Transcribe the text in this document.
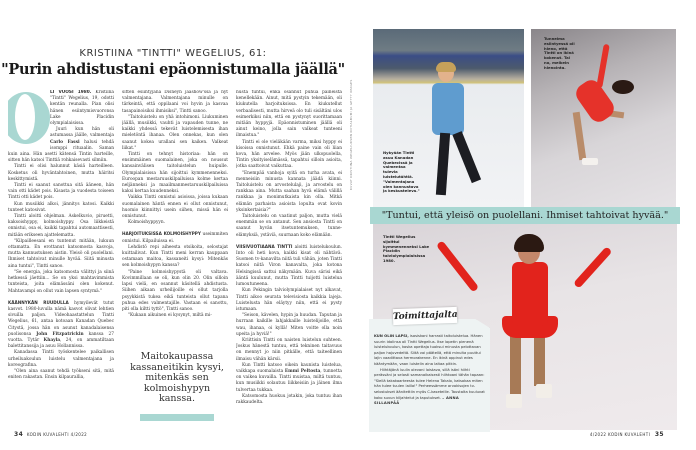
KRISTIINA "TINTTI" WEGELIUS, 61:
"Purin ahdistustani epäonnistumalla jäällä"

LI VUOSI 1980. Kristiina "Tintti" Wegelius, 19, odotti kentän reunalla. Pian olisi hänen esiintymisvuoronsa Lake Placidin olympialaisissa.

Juuri kun hän oli astumassa jäälle, valmentaja Carlo Fassi halusi tehdä isomppi rituaalin. Saman kuin aina. Hän asetti kätensä Tintin harteille, sitten hän katsoi Tinttiä rohkaisevasti silmiin.

Tintti ei olisi halunnut käsiä harteilleen. Kosketus oli hyväntahtoinen, mutta häiritsi keskittymistä.

Tintti ei saanut sanottua sitä ääneen, hän vain otti kädet pois. Kisasta ja vuodesta toiseen Tintti otti kädet pois.

Kun musiikki alkoi, jännitys katosi. Kaikki tunteet katosivat.

Tintti aloitti ohjelman. Askelkuvio, piruetti, kaksoishyppy, kolmoishyppy. Osa liikkeistä onnistui, osa ei, kaikki tapahtui automaattisesti, mitään erikseen ajattelematta.

"Kilpailleesani en tuntenut mitään, lukuun ottamatta. En erottanut katsomosta kasvoja, mutta kannustuksen aistin. Yleisö oli puolellani. Ihmiset tahtoivat minulle hyvää. Siitä minusta aina tuntui", Tintti sanoo.

"Se energia, joka katsomosta välittyi ja siinä hetkessä jäettiin... Se on yksi mahtavimmista tunteista, joita elämässäni olen kokenut. Mahtavampi on ollut vain lapsen syntymä."

KÄÄNNYKÄN RUUDULLA hymyilevät tutut kasvot. 1980-luvulla nämä kasvot olivat lehtien sivuilla paljon. Videohaastattelun Tintti Wegelius, 61, antaa kotoaan Kanadan Quebec Citystä, jossa hän on asunut kanadalaisensa puolisonsa John Fitzpatrickin kanssa 27 vuotta. Tytär Khayla, 24, on ammatiltaan balettitanssija ja asuu Hollannissa.

Kanadassa Tintti työskentelee paikallisen urheiluakoulun luistelu valmentajana ja koreografina.

"Olen aina saanut tehdä työkseni sitä, mitä eniten rakastan. Ensin kilpaurallia,

sitten esiintyjänä Disneyn jääshow'ssa ja nyt valmentajana. Valmentajana minulle on tärkeintä, että oppilaani voi hyvin ja kasvaa tasapainoisiksi ihmisiksi", Tintti sanoo.

"Taitoluistelu on yhä intohimoni. Liukuminen jäällä, musiikki, vauhti ja vapauden tunne, ne kaikki yhdessä tekevät luistelemisesta ihan mieletöntä ihanaa. Olen onnekas, kun olen saanut kokea urallani sen kaiken. Valkeat liikat."

Tintti on tehnyt historiaa: hän on ensimmäinen suomalainen, joka on noussut kansainvälisen taitoluistelun huipulle. Olympialaisissa hän sijoittui kymmenenneksi. Euroopan mestaruuskilpailuissa kolme kertaa neljänneksi ja maailmanmestaruuskilpailuissa kaksi kertaa kuudenneksi.

Vaikka Tintti onnistui asioissa, joissa kukaan suomalainen häntä ennen ei ollut onnistunut, huomio kiinnittyi usein siihen, missä hän ei onnistunut.

Kolmoishyppyyn.

HARJOITUKSISSA KOLMOISHYPPY useimmiten onnistui. Kilpailuissa ei.

Lehdistö repi aiheesta otsikoita, selostajat kuittailivat. Kun Tintti meni kerran kauppaan ostamaan maitoa, kassaneiti kysyi: Mitenkäs sen kolmoishypyn kanssa?

"Paine kolmoishypystä oli valtava. Kovimmillaan se oli, kun olin 20. Olin silloin lapsi vielä, en osannut käsitellä ahdistusta. Siihen aikaan urheilijoille ei ollut tarjolla psyykkistä tukea eikä tunteista ollut tapana puhua edes valmentajille. Vastaan ei sanottu, piti olla kiltti tyttö", Tintti sanoo.

"Kukaan aikuinen ei kysynyt, miltä mi-

Maitokaupassa kassaneitikin kysyi, mitenkäs sen kolmoishypyn kanssa.

nusta tuntui, enkä osannut puhua paineista kenellekään. Ainut, mitä pystyin tekemään, oli kiukutella harjoituksissa. En kiukutellut verbaalisesti, mutta hirveä olo tuli sisältäni ulos esimerkiksi niin, että en pystynyt suorittamaan mitään hyppyjä. Epäonnistuminen jäällä oli ainut keino, jolla sain valkeat tunteeni ilmaistua."

Tintti ei ole vieläkään varma, miksi hyppy ei kisoissa onnistunut. Ehkä paine vain oli liian kova, hän arvelee. Myös jään ulkopuolella, Tintin yksityiselämässä, tapahtui silloin asioita, jotka saattoivat vaikuttaa.

"Enempää vanhoja syitä on turha avata, ei menneisiin minusta kannata jäädä kiinni. Taitoluistelu on arvostelulaji, ja arvostelu on rankkaa aina. Mutta saahan hyvä elämä välillä rankkaa ja monimutkaista kin olla. Mitkä elämän parhaista asioista lopulta ovat kovin yksinkertaisia?"

Taitoluistelu on vaatinut paljon, mutta vielä enemmän se on antanut. Sen ansiosta Tintti on saanut hyvän itsetuntemuksen, tunne-elämyksiä, ystäviä, suurnaan koko elämään.

VIISIVUOTIAANA TINTTI aloitti luistelukoulun. Into oli heti kova, kaikki kisat oli nähtävä. Suomen tv-kanavilta niitä tuli vähän, joten Tintti katsoi niitä Viron kanavalta, joka kotona Helsingissä sattui näkymään. Kuva särisi eikä ääntä kuulunut, mutta Tintti tuijotti luistelua lumoutuneena.

Kun Pekingin talviolympialaiset nyt alkavat, Tintti aikoo seurata televisiosta kaikkia lajeja. Luistelusta hän eläytyy niin, että ei pysty istumaan.

"Seison, kävelen, hypin ja huudan. Taputan ja hurraan kaikille lahjakkaille luistelijoille, että wau, ihanaa, oi kyllä! Miten voitte olla noin upeita ja hyviä!"

Kriittisin Tintti on naisten luistelun suhteen. Joskus hänestä tuntuu, että tekninen taitavuus on mennyt jo niin pitkälle, että taiteellinen ilmaisu vähän kärsii.

Kun Tintti katsoo oikein kaunista luistelua, vaikkapa suomalaista Emmi Peltosta, tunnetta on vaikea kuvailla. Tintti muistaa, miltä tuntuu, kun musiikki solautuu liikkeisiin ja jäinen ilma tulvertaa tukkaa.

Katsomosta huokuu jotakin, joka tuntuu ihan rakkaudelta.

34 KODIN KUVALEHTI 4/2022
KUVAT KRISTIINA WEGELIUKSEN KOTIALBUMI JA GETTY IMAGES	Nykyään Tintti asuu Kanadan Quebecissä ja valmentaa tulevia luistelutähtiä. "Valmentajana olen kannustava ja keskusteleva."
Tunnelma esiintyessä oli hieno, että Tintti on ikinä kokenut. Tai no, melkein hienointa.
"Tuntui, että yleisö on puolellani. Ihmiset tahtoivat hyvää."
Tintti Wegelius sijoittui kymmenenneksi Lake Placidin talviolympialaisissa 1980.
Toimittajalta

KUN OLIN LAPSI, isosiskoni harrasti taitoluistelua. Hänen suurin idolinsa oli Tintti Wegelius. Itse lopetin pienenä luistelukoulun, koska opettaja tuoksui minusta pelottavan paljon hajuvedeltä. Siitä voi päätellä, että minulta puuttui lajin vaadittava hermorakenne. En ikinä oppinut edes kääntymään, vaan luistelin aina laitaa pitkin.

Hiihtäjänä luulin olevani loistava, sillä isäni hiihti perässäni ja selosti samanaikaisesti hiihtoani tähän tapaan: "Siellä takakaarteesta tulee Helena Takalo, katsokaa miten hän tulee tuulen lailla!" Perheessämme arvokisojen tv-selostukset äänitettiin myös C-kaseteille. Taustalta kuuluvat koko suvun kiljahtelut ja taputukset. – ANNA SILLANPÄÄ

4/2022 KODIN KUVALEHTI 35
